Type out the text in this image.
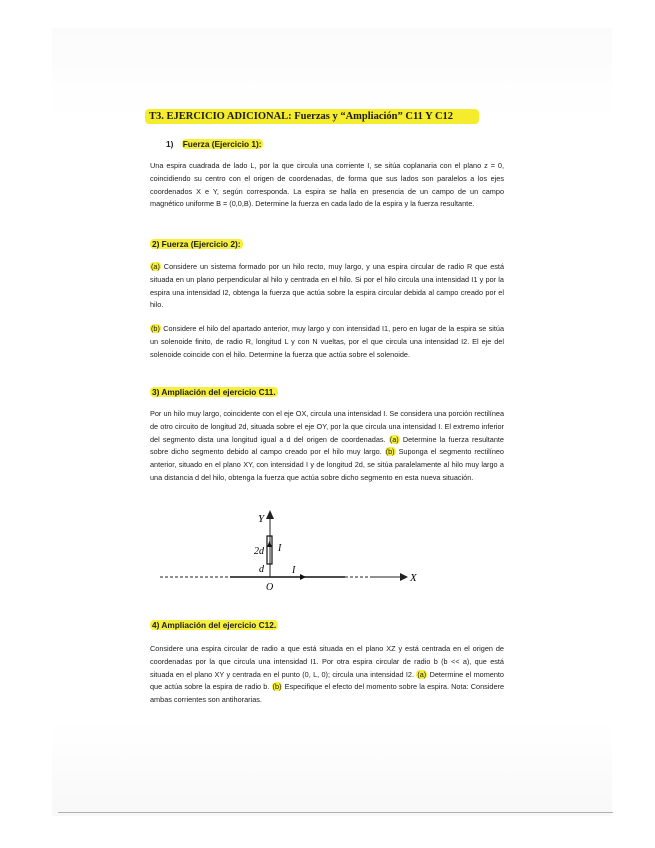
T3. EJERCICIO ADICIONAL: Fuerzas y “Ampliación” C11 Y C12
1) Fuerza (Ejercicio 1):
Una espira cuadrada de lado L, por la que circula una corriente I, se sitúa coplanaria con el plano z = 0, coincidiendo su centro con el origen de coordenadas, de forma que sus lados son paralelos a los ejes coordenados X e Y, según corresponda. La espira se halla en presencia de un campo de un campo magnético uniforme B = (0,0,B). Determine la fuerza en cada lado de la espira y la fuerza resultante.
2) Fuerza (Ejercicio 2):
(a) Considere un sistema formado por un hilo recto, muy largo, y una espira circular de radio R que está situada en un plano perpendicular al hilo y centrada en el hilo. Si por el hilo circula una intensidad I1 y por la espira una intensidad I2, obtenga la fuerza que actúa sobre la espira circular debida al campo creado por el hilo.
(b) Considere el hilo del apartado anterior, muy largo y con intensidad I1, pero en lugar de la espira se sitúa un solenoide finito, de radio R, longitud L y con N vueltas, por el que circula una intensidad I2. El eje del solenoide coincide con el hilo. Determine la fuerza que actúa sobre el solenoide.
3) Ampliación del ejercicio C11.
Por un hilo muy largo, coincidente con el eje OX, circula una intensidad I. Se considera una porción rectilínea de otro circuito de longitud 2d, situada sobre el eje OY, por la que circula una intensidad I. El extremo inferior del segmento dista una longitud igual a d del origen de coordenadas. (a) Determine la fuerza resultante sobre dicho segmento debido al campo creado por el hilo muy largo. (b) Suponga el segmento rectilíneo anterior, situado en el plano XY, con intensidad I y de longitud 2d, se sitúa paralelamente al hilo muy largo a una distancia d del hilo, obtenga la fuerza que actúa sobre dicho segmento en esta nueva situación.
X
Y
2d I
d	I
O
4) Ampliación del ejercicio C12.
Considere una espira circular de radio a que está situada en el plano XZ y está centrada en el origen de coordenadas por la que circula una intensidad I1. Por otra espira circular de radio b (b << a), que está situada en el plano XY y centrada en el punto (0, L, 0); circula una intensidad I2. (a) Determine el momento que actúa sobre la espira de radio b. (b) Especifique el efecto del momento sobre la espira. Nota: Considere ambas corrientes son antihorarias.
